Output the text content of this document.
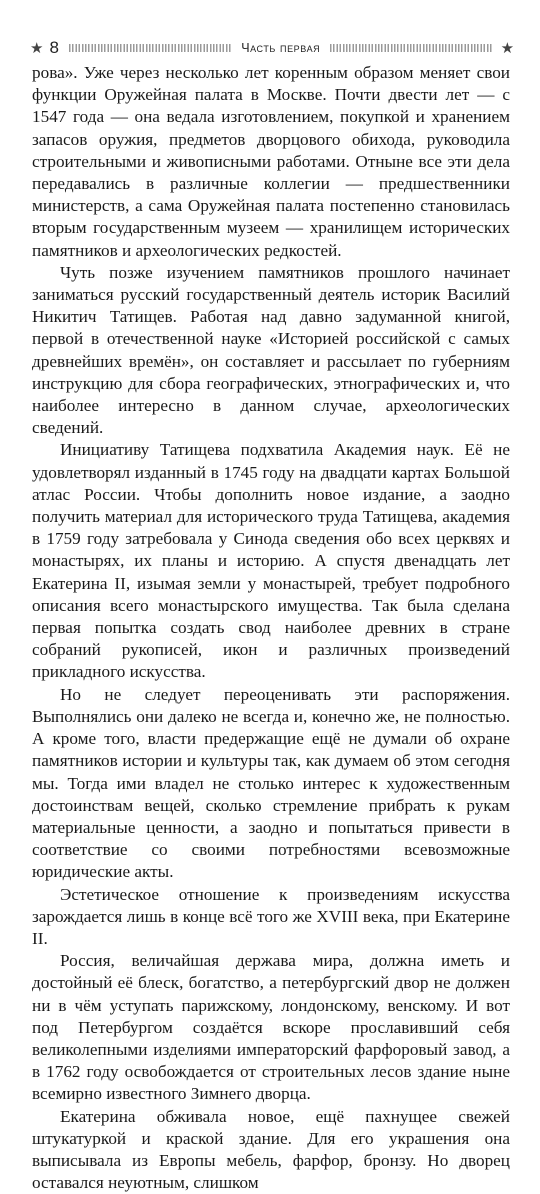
★ 8	Часть первая	★

рова». Уже через несколько лет коренным образом меняет свои функции Оружейная палата в Москве. Почти двести лет — с 1547 года — она ведала изготовлением, покупкой и хранением запасов оружия, предметов дворцового обихода, руководила строительными и живописными работами. Отныне все эти дела передавались в различные коллегии — предшественники министерств, а сама Оружейная палата постепенно становилась вторым государственным музеем — хранилищем исторических памятников и археологических редкостей.

Чуть позже изучением памятников прошлого начинает заниматься русский государственный деятель историк Василий Никитич Татищев. Работая над давно задуманной книгой, первой в отечественной науке «Историей российской с самых древнейших времён», он составляет и рассылает по губерниям инструкцию для сбора географических, этнографических и, что наиболее интересно в данном случае, археологических сведений.

Инициативу Татищева подхватила Академия наук. Её не удовлетворял изданный в 1745 году на двадцати картах Большой атлас России. Чтобы дополнить новое издание, а заодно получить материал для исторического труда Татищева, академия в 1759 году затребовала у Синода сведения обо всех церквях и монастырях, их планы и историю. А спустя двенадцать лет Екатерина II, изымая земли у монастырей, требует подробного описания всего монастырского имущества. Так была сделана первая попытка создать свод наиболее древних в стране собраний рукописей, икон и различных произведений прикладного искусства.

Но не следует переоценивать эти распоряжения. Выполнялись они далеко не всегда и, конечно же, не полностью. А кроме того, власти предержащие ещё не думали об охране памятников истории и культуры так, как думаем об этом сегодня мы. Тогда ими владел не столько интерес к художественным достоинствам вещей, сколько стремление прибрать к рукам материальные ценности, а заодно и попытаться привести в соответствие со своими потребностями всевозможные юридические акты.

Эстетическое отношение к произведениям искусства зарождается лишь в конце всё того же XVIII века, при Екатерине II.

Россия, величайшая держава мира, должна иметь и достойный её блеск, богатство, а петербургский двор не должен ни в чём уступать парижскому, лондонскому, венскому. И вот под Петербургом создаётся вскоре прославивший себя великолепными изделиями императорский фарфоровый завод, а в 1762 году освобождается от строительных лесов здание ныне всемирно известного Зимнего дворца.

Екатерина обживала новое, ещё пахнущее свежей штукатуркой и краской здание. Для его украшения она выписывала из Европы мебель, фарфор, бронзу. Но дворец оставался неуютным, слишком
